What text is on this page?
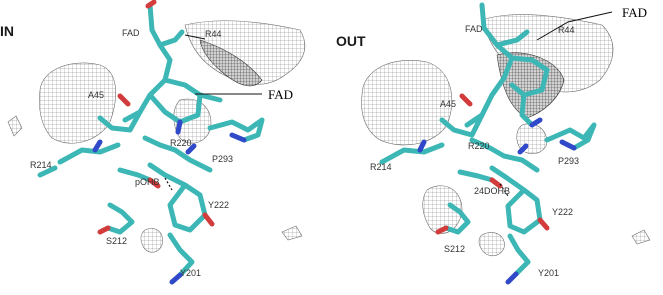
IN	FAD	R44
A45
R220
P293
R214
pOHB
Y222
S212
Y201
FAD
OUT
FAD	R44
A45
R220
P293
R214
24DOHB
Y222
S212
Y201
FAD
